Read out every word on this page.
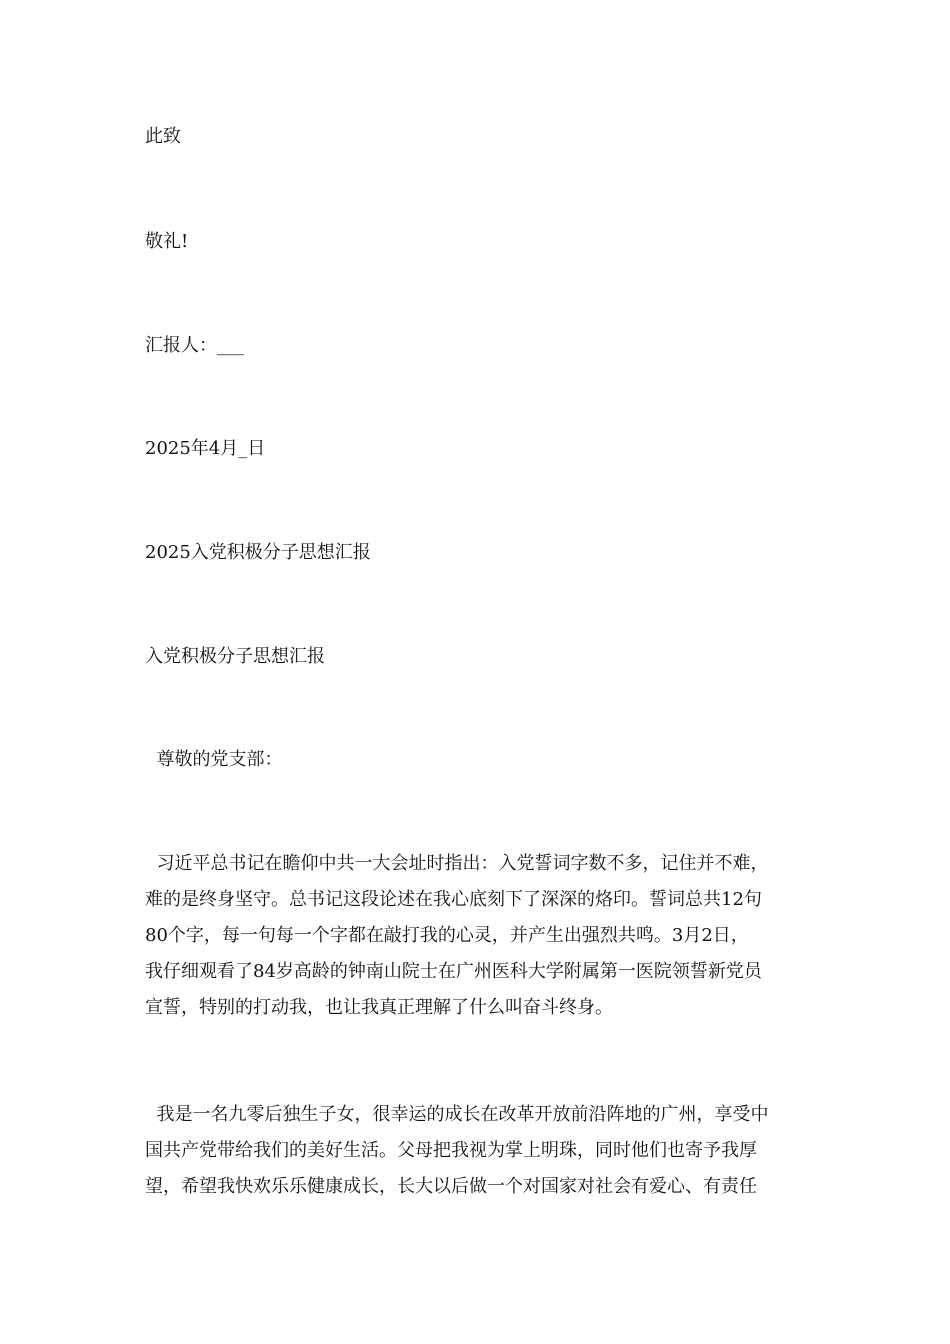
此致
敬礼!
汇报人：___
2025年4月_日
2025入党积极分子思想汇报
入党积极分子思想汇报
尊敬的党支部：
习近平总书记在瞻仰中共一大会址时指出：入党誓词字数不多，记住并不难，
难的是终身坚守。总书记这段论述在我心底刻下了深深的烙印。誓词总共12句
80个字，每一句每一个字都在敲打我的心灵，并产生出强烈共鸣。3月2日，
我仔细观看了84岁高龄的钟南山院士在广州医科大学附属第一医院领誓新党员
宣誓，特别的打动我，也让我真正理解了什么叫奋斗终身。
我是一名九零后独生子女，很幸运的成长在改革开放前沿阵地的广州，享受中
国共产党带给我们的美好生活。父母把我视为掌上明珠，同时他们也寄予我厚
望，希望我快欢乐乐健康成长，长大以后做一个对国家对社会有爱心、有责任
